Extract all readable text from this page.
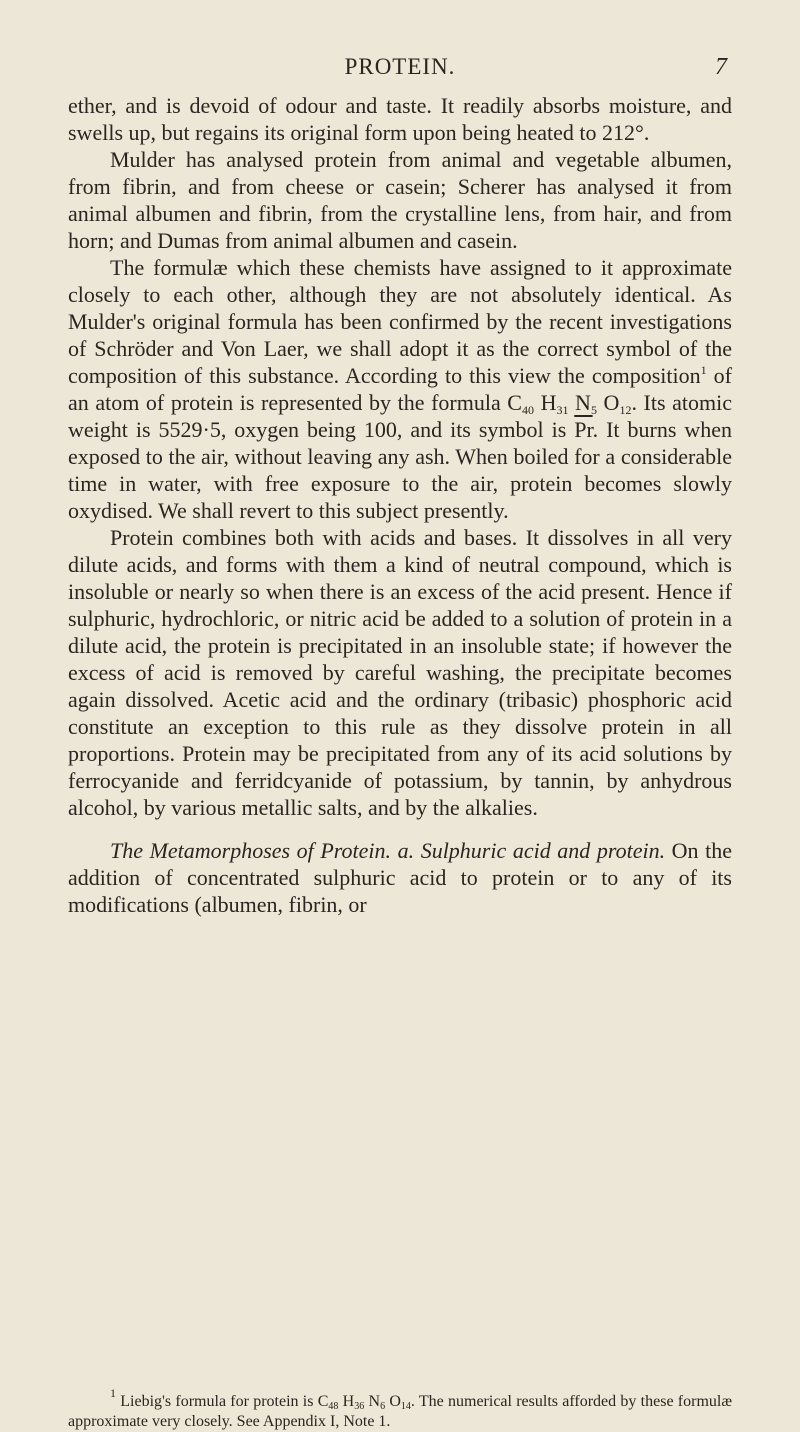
PROTEIN.	7

ether, and is devoid of odour and taste. It readily absorbs moisture, and swells up, but regains its original form upon being heated to 212°.

Mulder has analysed protein from animal and vegetable albumen, from fibrin, and from cheese or casein; Scherer has analysed it from animal albumen and fibrin, from the crystalline lens, from hair, and from horn; and Dumas from animal albumen and casein.

The formulæ which these chemists have assigned to it approximate closely to each other, although they are not absolutely identical. As Mulder's original formula has been confirmed by the recent investigations of Schröder and Von Laer, we shall adopt it as the correct symbol of the composition of this substance. According to this view the composition$^1$ of an atom of protein is represented by the formula $C_{40}$ $H_{31}$ $N_5$ $O_{12}$. Its atomic weight is 5529·5, oxygen being 100, and its symbol is $\overline{Pr}$. It burns when exposed to the air, without leaving any ash. When boiled for a considerable time in water, with free exposure to the air, protein becomes slowly oxydised. We shall revert to this subject presently.

Protein combines both with acids and bases. It dissolves in all very dilute acids, and forms with them a kind of neutral compound, which is insoluble or nearly so when there is an excess of the acid present. Hence if sulphuric, hydrochloric, or nitric acid be added to a solution of protein in a dilute acid, the protein is precipitated in an insoluble state; if however the excess of acid is removed by careful washing, the precipitate becomes again dissolved. Acetic acid and the ordinary (tribasic) phosphoric acid constitute an exception to this rule as they dissolve protein in all proportions. Protein may be precipitated from any of its acid solutions by ferrocyanide and ferridcyanide of potassium, by tannin, by anhydrous alcohol, by various metallic salts, and by the alkalies.

The Metamorphoses of Protein. a. Sulphuric acid and protein. On the addition of concentrated sulphuric acid to protein or to any of its modifications (albumen, fibrin, or

$^1$ Liebig's formula for protein is $C_{48}$ $H_{36}$ $N_6$ $O_{14}$. The numerical results afforded by these formulæ approximate very closely. See Appendix I, Note 1.
